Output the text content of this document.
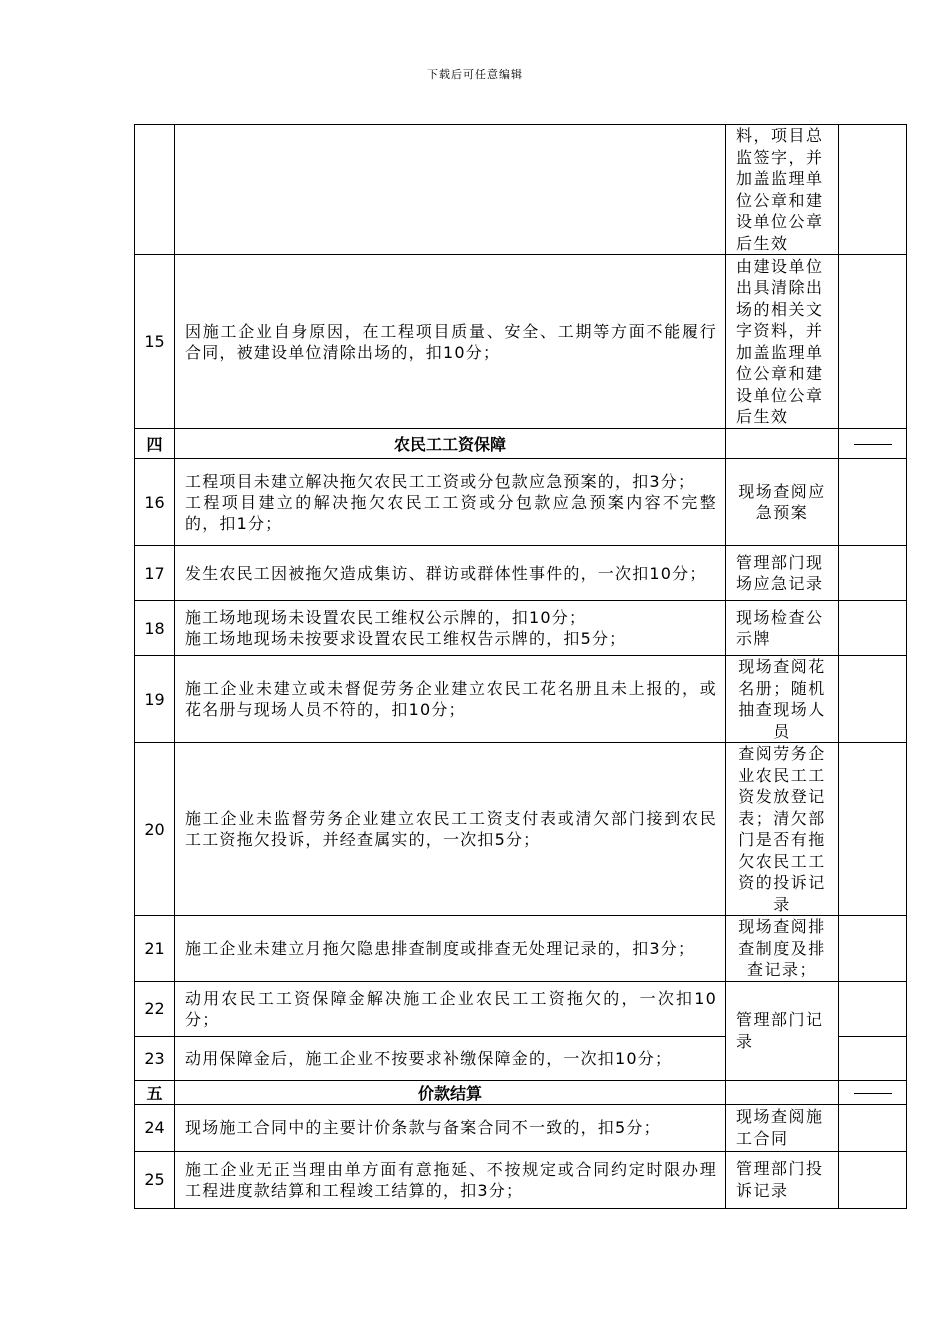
下载后可任意编辑
		料，项目总监签字，并加盖监理单位公章和建设单位公章后生效	
15	因施工企业自身原因，在工程项目质量、安全、工期等方面不能履行合同，被建设单位清除出场的，扣10分；	由建设单位出具清除出场的相关文字资料，并加盖监理单位公章和建设单位公章后生效	
四	农民工工资保障		
16	工程项目未建立解决拖欠农民工工资或分包款应急预案的，扣3分；
工程项目建立的解决拖欠农民工工资或分包款应急预案内容不完整的，扣1分；	现场查阅应急预案	
17	发生农民工因被拖欠造成集访、群访或群体性事件的，一次扣10分；	管理部门现场应急记录	
18	施工场地现场未设置农民工维权公示牌的，扣10分；
施工场地现场未按要求设置农民工维权告示牌的，扣5分；	现场检查公示牌	
19	施工企业未建立或未督促劳务企业建立农民工花名册且未上报的，或花名册与现场人员不符的，扣10分；	现场查阅花名册；随机抽查现场人员	
20	施工企业未监督劳务企业建立农民工工资支付表或清欠部门接到农民工工资拖欠投诉，并经查属实的，一次扣5分；	查阅劳务企业农民工工资发放登记表；清欠部门是否有拖欠农民工工资的投诉记录	
21	施工企业未建立月拖欠隐患排查制度或排查无处理记录的，扣3分；	现场查阅排查制度及排查记录；	
22	动用农民工工资保障金解决施工企业农民工工资拖欠的，一次扣10分；	管理部门记录	
23	动用保障金后，施工企业不按要求补缴保障金的，一次扣10分；		
五	价款结算		
24	现场施工合同中的主要计价条款与备案合同不一致的，扣5分；	现场查阅施工合同	
25	施工企业无正当理由单方面有意拖延、不按规定或合同约定时限办理工程进度款结算和工程竣工结算的，扣3分；	管理部门投诉记录	
